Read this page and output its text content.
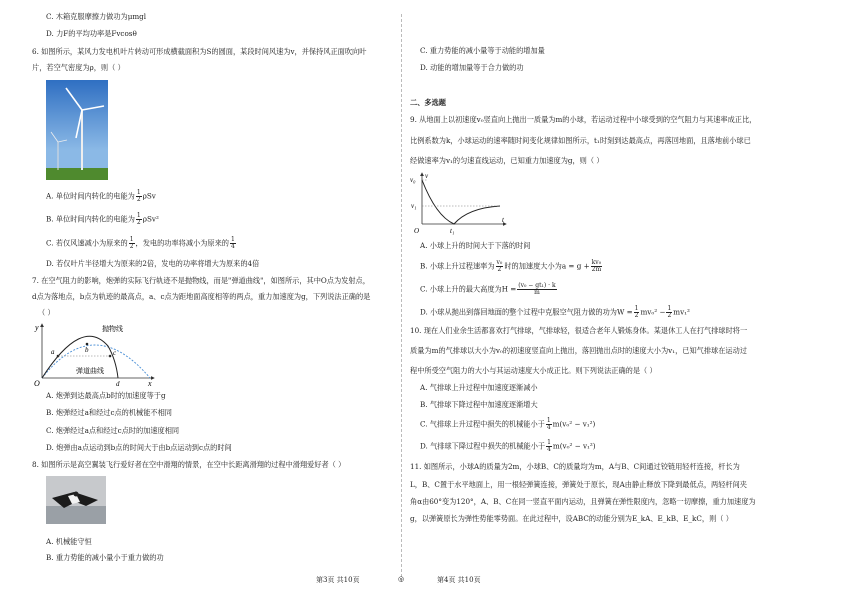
C. 木箱克服摩擦力做功为μmgl
D. 力F的平均功率是Fvcosθ
6. 如图所示，某风力发电机叶片转动可形成横截面积为S的圆面，某段时间风速为v，并保持风正面吹向叶
片，若空气密度为ρ，则（ ）
A. 单位时间内转化的电能为 $\frac{1}{2}$ ρSv
B. 单位时间内转化的电能为 $\frac{1}{2} \rho Sv^2$
C. 若仅风速减小为原来的 $\frac{1}{2}$ ，发电的功率将减小为原来的 $\frac{1}{4}$
D. 若仅叶片半径增大为原来的2倍，发电的功率将增大为原来的4倍
7. 在空气阻力的影响，炮弹的实际飞行轨迹不是抛物线，而是"弹道曲线"，如图所示，其中O点为发射点，
d点为落地点，b点为轨迹的最高点，a、c点为距地面高度相等的两点，重力加速度为g，下列说法正确的是
（ ）
y
x
O
a	b	c
d
抛物线
弹道曲线
A. 炮弹到达最高点b时的加速度等于g
B. 炮弹经过a和经过c点的机械能不相同
C. 炮弹经过a点和经过c点时的加速度相同
D. 炮弹由a点运动到b点的时间大于由b点运动到c点的时间
8. 如图所示是高空翼装飞行爱好者在空中滑翔的情景，在空中长距离滑翔的过程中滑翔爱好者（ ）
A. 机械能守恒
B. 重力势能的减小量小于重力做的功
C. 重力势能的减小量等于动能的增加量
D. 动能的增加量等于合力做的功
二、多选题
9. 从地面上以初速度v₀竖直向上抛出一质量为m的小球，若运动过程中小球受到的空气阻力与其速率成正比，
比例系数为k，小球运动的速率随时间变化规律如图所示，t₁时刻到达最高点，再落回地面，且落地前小球已
经做速率为v₁的匀速直线运动，已知重力加速度为g，则（ ）
v₀ v
v₁
O	t₁
t
A. 小球上升的时间大于下落的时间
B. 小球上升过程速率为 $\frac{\text{v₀}}{2}$ 时的加速度大小为$a = g + \frac{\text{kv₀}}{2m}$
C. 小球上升的最大高度为$H = \frac{\text{(v₀ − gt₁) · k}}{m}$
D. 小球从抛出到落回地面的整个过程中克服空气阻力做的功为$W = \frac{1}{2} mv_0^2 - \frac{1}{2} mv_1^2$
10. 现在人们业余生活都喜欢打气排球，气排球轻，很适合老年人锻炼身体。某退休工人在打气排球时将一
质量为m的气排球以大小为v₀的初速度竖直向上抛出，落回抛出点时的速度大小为v₁，已知气排球在运动过
程中所受空气阻力的大小与其运动速度大小成正比。则下列说法正确的是（ ）
A. 气排球上升过程中加速度逐渐减小
B. 气排球下降过程中加速度逐渐增大
C. 气排球上升过程中损失的机械能小于 $\frac{1}{4} m(v_0^2 - v_1^2)$
D. 气排球下降过程中损失的机械能小于 $\frac{1}{4} m(v_0^2 - v_1^2)$
11. 如图所示，小球A的质量为2m，小球B、C的质量均为m，A与B、C间通过铰链用轻杆连接，杆长为
L，B、C置于水平地面上，用一根轻弹簧连接，弹簧处于原长，现A由静止释放下降到最低点，两轻杆间夹
角α由60°变为120°，A、B、C在同一竖直平面内运动，且弹簧在弹性限度内，忽略一切摩擦，重力加速度为
g，以弹簧原长为弹性势能零势面。在此过程中，设ABC的动能分别为E_kA、E_kB、E_kC，则（ ）
第3页 共10页	◎	第4页 共10页
